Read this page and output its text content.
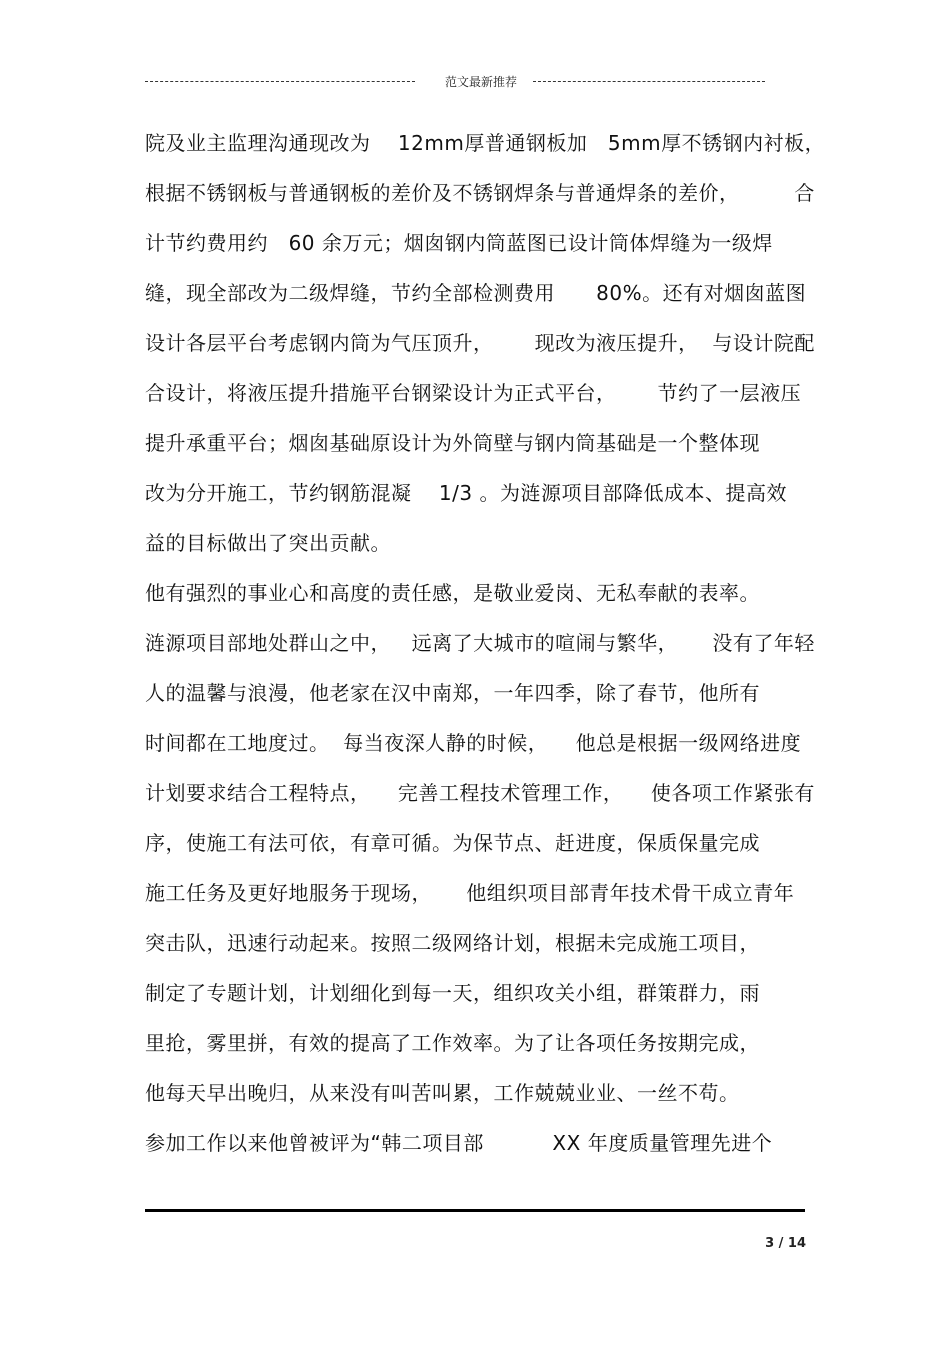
范文最新推荐
院及业主监理沟通现改为    12mm厚普通钢板加   5mm厚不锈钢内衬板，
根据不锈钢板与普通钢板的差价及不锈钢焊条与普通焊条的差价，        合
计节约费用约   60 余万元；烟囱钢内筒蓝图已设计筒体焊缝为一级焊
缝，现全部改为二级焊缝，节约全部检测费用      80%。还有对烟囱蓝图
设计各层平台考虑钢内筒为气压顶升，      现改为液压提升，  与设计院配
合设计，将液压提升措施平台钢梁设计为正式平台，      节约了一层液压
提升承重平台；烟囱基础原设计为外筒壁与钢内筒基础是一个整体现
改为分开施工，节约钢筋混凝    1/3 。为涟源项目部降低成本、提高效
益的目标做出了突出贡献。
他有强烈的事业心和高度的责任感，是敬业爱岗、无私奉献的表率。
涟源项目部地处群山之中，   远离了大城市的喧闹与繁华，     没有了年轻
人的温馨与浪漫，他老家在汉中南郑，一年四季，除了春节，他所有
时间都在工地度过。  每当夜深人静的时候，    他总是根据一级网络进度
计划要求结合工程特点，    完善工程技术管理工作，    使各项工作紧张有
序，使施工有法可依，有章可循。为保节点、赶进度，保质保量完成
施工任务及更好地服务于现场，     他组织项目部青年技术骨干成立青年
突击队，迅速行动起来。按照二级网络计划，根据未完成施工项目，
制定了专题计划，计划细化到每一天，组织攻关小组，群策群力，雨
里抢，雾里拼，有效的提高了工作效率。为了让各项任务按期完成，
他每天早出晚归，从来没有叫苦叫累，工作兢兢业业、一丝不苟。
参加工作以来他曾被评为“韩二项目部          XX 年度质量管理先进个
3 / 14
